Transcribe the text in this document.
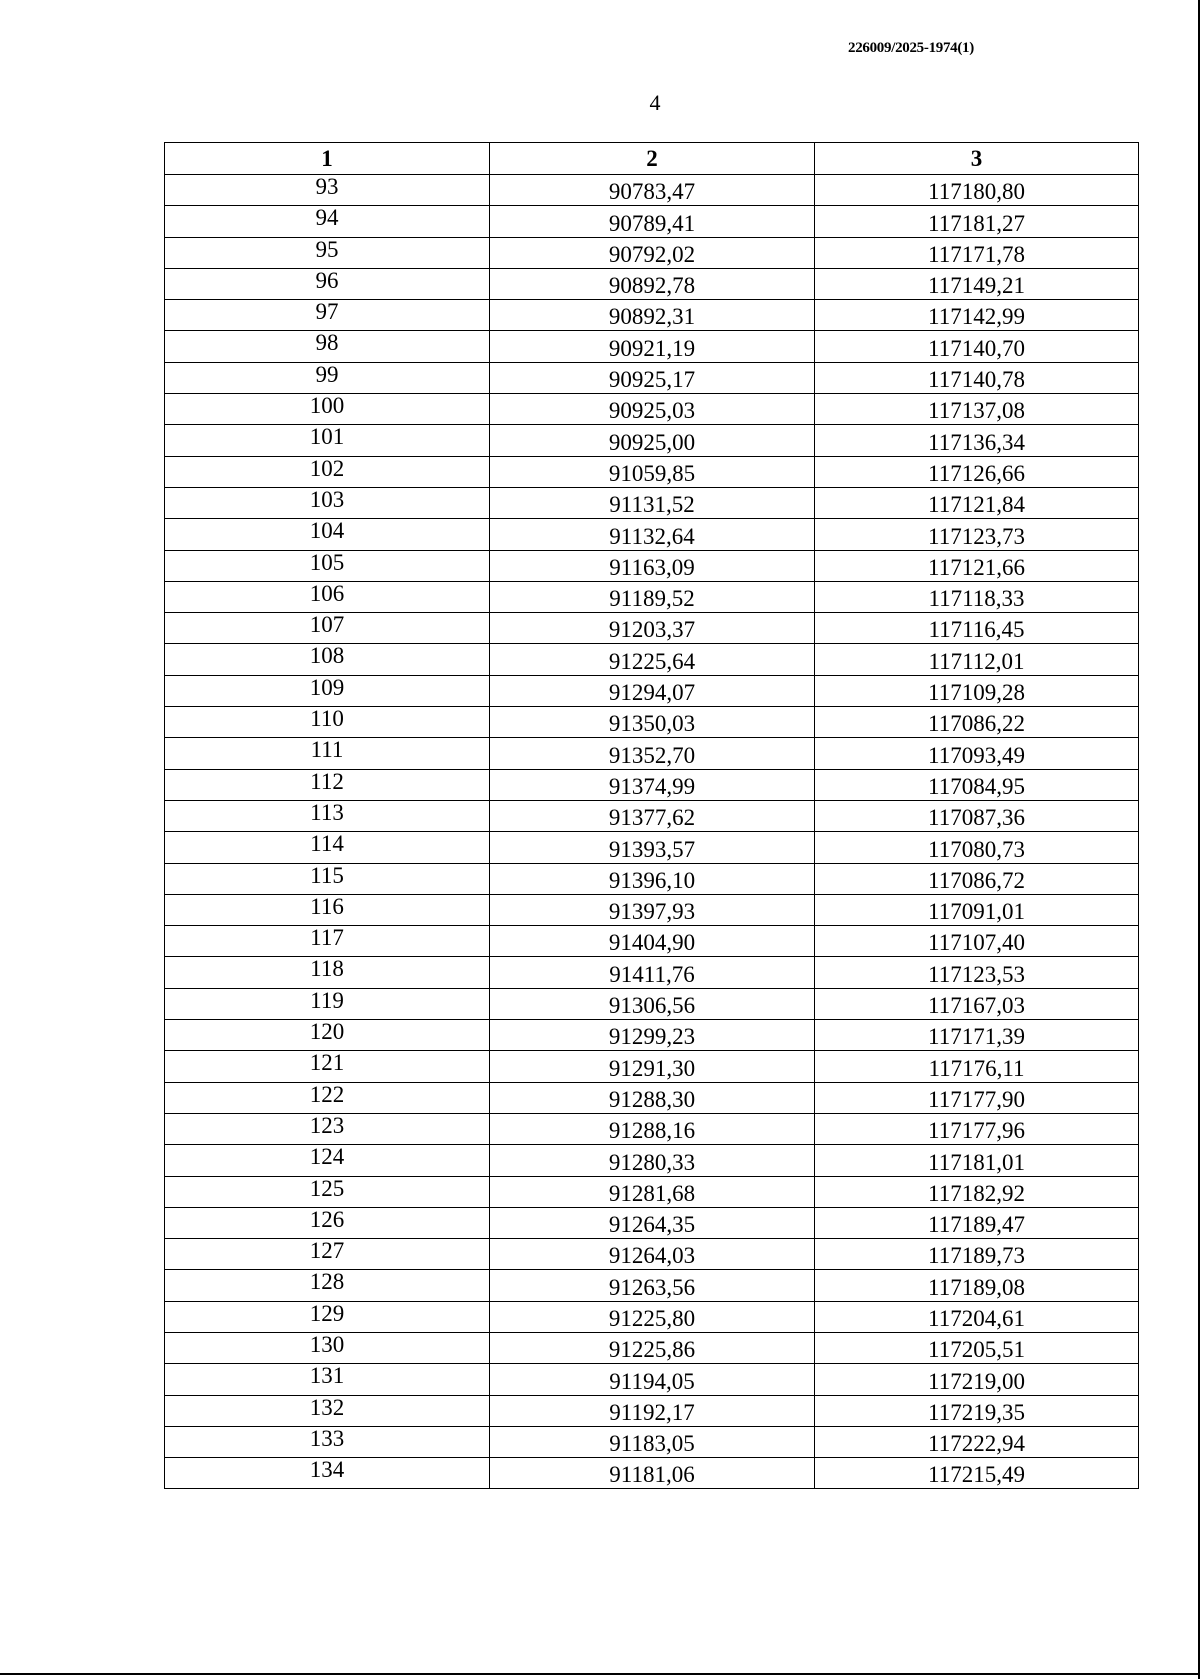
226009/2025-1974(1)
4
1	2	3
93	90783,47	117180,80
94	90789,41	117181,27
95	90792,02	117171,78
96	90892,78	117149,21
97	90892,31	117142,99
98	90921,19	117140,70
99	90925,17	117140,78
100	90925,03	117137,08
101	90925,00	117136,34
102	91059,85	117126,66
103	91131,52	117121,84
104	91132,64	117123,73
105	91163,09	117121,66
106	91189,52	117118,33
107	91203,37	117116,45
108	91225,64	117112,01
109	91294,07	117109,28
110	91350,03	117086,22
111	91352,70	117093,49
112	91374,99	117084,95
113	91377,62	117087,36
114	91393,57	117080,73
115	91396,10	117086,72
116	91397,93	117091,01
117	91404,90	117107,40
118	91411,76	117123,53
119	91306,56	117167,03
120	91299,23	117171,39
121	91291,30	117176,11
122	91288,30	117177,90
123	91288,16	117177,96
124	91280,33	117181,01
125	91281,68	117182,92
126	91264,35	117189,47
127	91264,03	117189,73
128	91263,56	117189,08
129	91225,80	117204,61
130	91225,86	117205,51
131	91194,05	117219,00
132	91192,17	117219,35
133	91183,05	117222,94
134	91181,06	117215,49
